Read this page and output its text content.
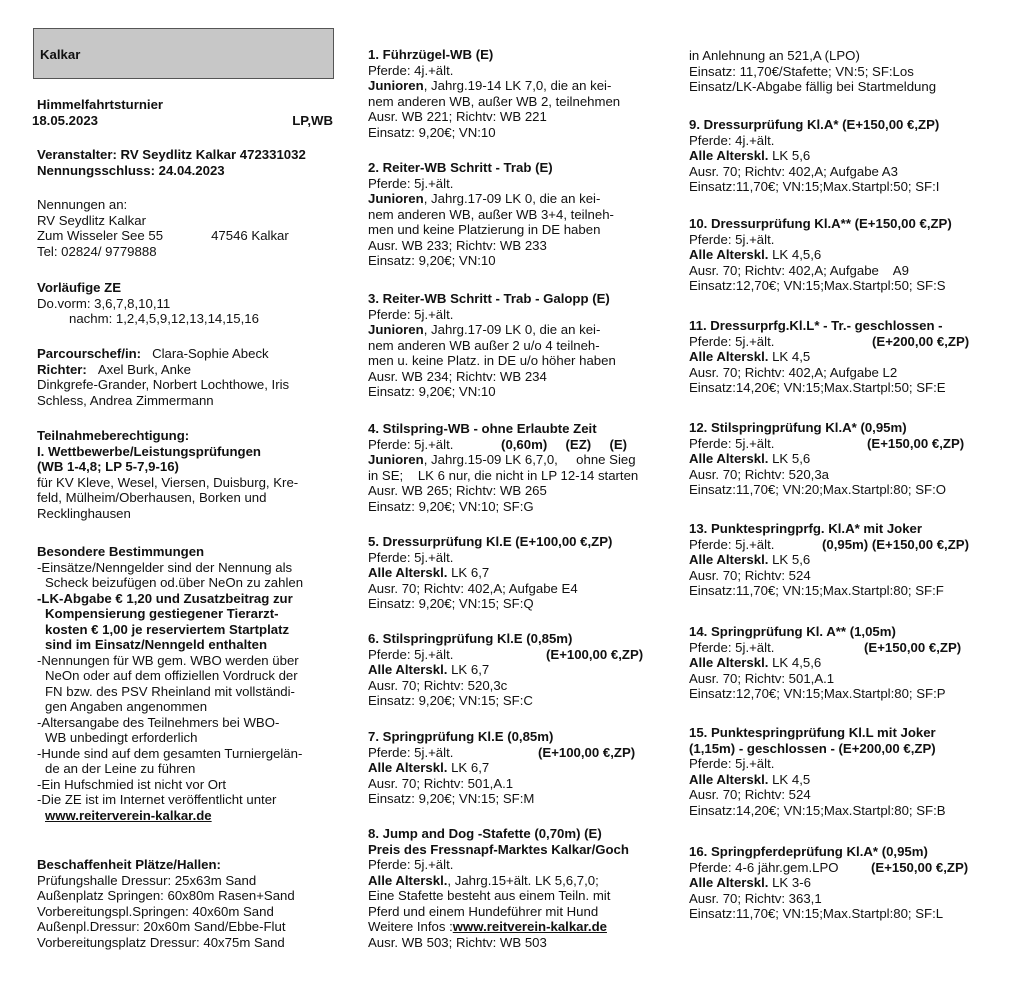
Kalkar
Himmelfahrtsturnier
18.05.2023	LP,WB
Veranstalter: RV Seydlitz Kalkar 472331032
Nennungsschluss: 24.04.2023
Nennungen an:
RV Seydlitz Kalkar
Zum Wisseler See 55	47546 Kalkar
Tel: 02824/ 9779888
Vorläufige ZE
Do.vorm: 3,6,7,8,10,11
nachm: 1,2,4,5,9,12,13,14,15,16
Parcourschef/in: Clara-Sophie Abeck
Richter: Axel Burk, Anke
Dinkgrefe-Grander, Norbert Lochthowe, Iris
Schless, Andrea Zimmermann
Teilnahmeberechtigung:
I. Wettbewerbe/Leistungsprüfungen
(WB 1-4,8; LP 5-7,9-16)
für KV Kleve, Wesel, Viersen, Duisburg, Kre-
feld, Mülheim/Oberhausen, Borken und
Recklinghausen
Besondere Bestimmungen
-Einsätze/Nenngelder sind der Nennung als
Scheck beizufügen od.über NeOn zu zahlen
-LK-Abgabe € 1,20 und Zusatzbeitrag zur
Kompensierung gestiegener Tierarzt-
kosten € 1,00 je reserviertem Startplatz
sind im Einsatz/Nenngeld enthalten
-Nennungen für WB gem. WBO werden über
NeOn oder auf dem offiziellen Vordruck der
FN bzw. des PSV Rheinland mit vollständi-
gen Angaben angenommen
-Altersangabe des Teilnehmers bei WBO-
WB unbedingt erforderlich
-Hunde sind auf dem gesamten Turniergelän-
de an der Leine zu führen
-Ein Hufschmied ist nicht vor Ort
-Die ZE ist im Internet veröffentlicht unter
www.reiterverein-kalkar.de
Beschaffenheit Plätze/Hallen:
Prüfungshalle Dressur: 25x63m Sand
Außenplatz Springen: 60x80m Rasen+Sand
Vorbereitungspl.Springen: 40x60m Sand
Außenpl.Dressur: 20x60m Sand/Ebbe-Flut
Vorbereitungsplatz Dressur: 40x75m Sand
1. Führzügel-WB (E)
Pferde: 4j.+ält.
Junioren, Jahrg.19-14 LK 7,0, die an kei-
nem anderen WB, außer WB 2, teilnehmen
Ausr. WB 221; Richtv: WB 221
Einsatz: 9,20€; VN:10
2. Reiter-WB Schritt - Trab (E)
Pferde: 5j.+ält.
Junioren, Jahrg.17-09 LK 0, die an kei-
nem anderen WB, außer WB 3+4, teilneh-
men und keine Platzierung in DE haben
Ausr. WB 233; Richtv: WB 233
Einsatz: 9,20€; VN:10
3. Reiter-WB Schritt - Trab - Galopp (E)
Pferde: 5j.+ält.
Junioren, Jahrg.17-09 LK 0, die an kei-
nem anderen WB außer 2 u/o 4 teilneh-
men u. keine Platz. in DE u/o höher haben
Ausr. WB 234; Richtv: WB 234
Einsatz: 9,20€; VN:10
4. Stilspring-WB - ohne Erlaubte Zeit
Pferde: 5j.+ält.	(0,60m)     (EZ)     (E)
Junioren, Jahrg.15-09 LK 6,7,0,     ohne Sieg
in SE;    LK 6 nur, die nicht in LP 12-14 starten
Ausr. WB 265; Richtv: WB 265
Einsatz: 9,20€; VN:10; SF:G
5. Dressurprüfung Kl.E (E+100,00 €,ZP)
Pferde: 5j.+ält.
Alle Alterskl. LK 6,7
Ausr. 70; Richtv: 402,A; Aufgabe E4
Einsatz: 9,20€; VN:15; SF:Q
6. Stilspringprüfung Kl.E (0,85m)
Pferde: 5j.+ält.	(E+100,00 €,ZP)
Alle Alterskl. LK 6,7
Ausr. 70; Richtv: 520,3c
Einsatz: 9,20€; VN:15; SF:C
7. Springprüfung Kl.E (0,85m)
Pferde: 5j.+ält.	(E+100,00 €,ZP)
Alle Alterskl. LK 6,7
Ausr. 70; Richtv: 501,A.1
Einsatz: 9,20€; VN:15; SF:M
8. Jump and Dog -Stafette (0,70m) (E)
Preis des Fressnapf-Marktes Kalkar/Goch
Pferde: 5j.+ält.
Alle Alterskl., Jahrg.15+ält. LK 5,6,7,0;
Eine Stafette besteht aus einem Teiln. mit
Pferd und einem Hundeführer mit Hund
Weitere Infos :www.reitverein-kalkar.de
Ausr. WB 503; Richtv: WB 503
in Anlehnung an 521,A (LPO)
Einsatz: 11,70€/Stafette; VN:5; SF:Los
Einsatz/LK-Abgabe fällig bei Startmeldung
9. Dressurprüfung Kl.A* (E+150,00 €,ZP)
Pferde: 4j.+ält.
Alle Alterskl. LK 5,6
Ausr. 70; Richtv: 402,A; Aufgabe A3
Einsatz:11,70€; VN:15;Max.Startpl:50; SF:I
10. Dressurprüfung Kl.A** (E+150,00 €,ZP)
Pferde: 5j.+ält.
Alle Alterskl. LK 4,5,6
Ausr. 70; Richtv: 402,A; Aufgabe    A9
Einsatz:12,70€; VN:15;Max.Startpl:50; SF:S
11. Dressurprfg.Kl.L* - Tr.- geschlossen -
Pferde: 5j.+ält.	(E+200,00 €,ZP)
Alle Alterskl. LK 4,5
Ausr. 70; Richtv: 402,A; Aufgabe L2
Einsatz:14,20€; VN:15;Max.Startpl:50; SF:E
12. Stilspringprüfung Kl.A* (0,95m)
Pferde: 5j.+ält.	(E+150,00 €,ZP)
Alle Alterskl. LK 5,6
Ausr. 70; Richtv: 520,3a
Einsatz:11,70€; VN:20;Max.Startpl:80; SF:O
13. Punktespringprfg. Kl.A* mit Joker
Pferde: 5j.+ält.	(0,95m) (E+150,00 €,ZP)
Alle Alterskl. LK 5,6
Ausr. 70; Richtv: 524
Einsatz:11,70€; VN:15;Max.Startpl:80; SF:F
14. Springprüfung Kl. A** (1,05m)
Pferde: 5j.+ält.	(E+150,00 €,ZP)
Alle Alterskl. LK 4,5,6
Ausr. 70; Richtv: 501,A.1
Einsatz:12,70€; VN:15;Max.Startpl:80; SF:P
15. Punktespringprüfung Kl.L mit Joker
(1,15m) - geschlossen - (E+200,00 €,ZP)
Pferde: 5j.+ält.
Alle Alterskl. LK 4,5
Ausr. 70; Richtv: 524
Einsatz:14,20€; VN:15;Max.Startpl:80; SF:B
16. Springpferdeprüfung Kl.A* (0,95m)
Pferde: 4-6 jähr.gem.LPO (E+150,00 €,ZP)
Alle Alterskl. LK 3-6
Ausr. 70; Richtv: 363,1
Einsatz:11,70€; VN:15;Max.Startpl:80; SF:L
